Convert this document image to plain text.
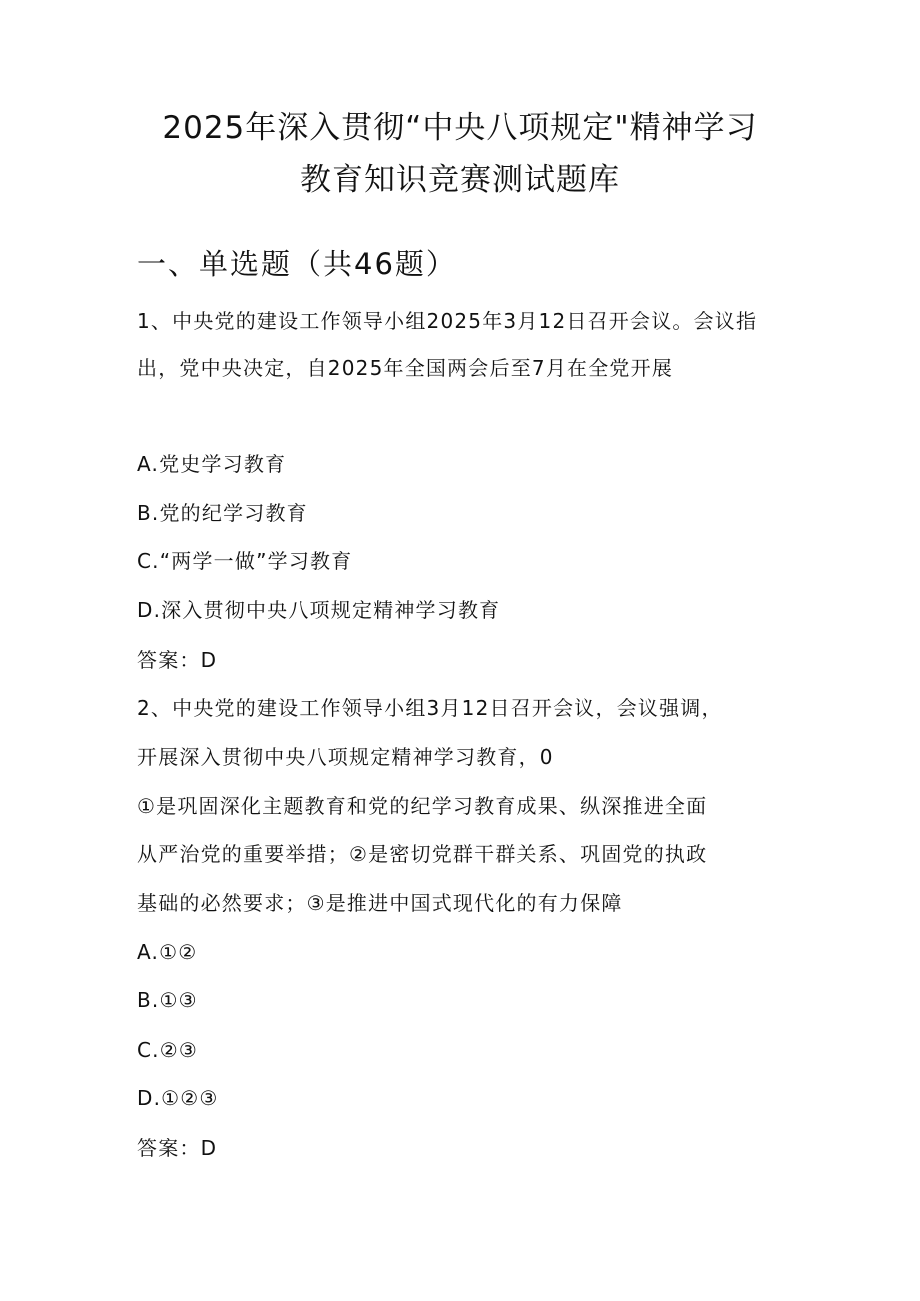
2025年深入贯彻“中央八项规定"精神学习
教育知识竞赛测试题库
一、单选题（共46题）
1、中央党的建设工作领导小组2025年3月12日召开会议。会议指
出，党中央决定，自2025年全国两会后至7月在全党开展
A.党史学习教育
B.党的纪学习教育
C.“两学一做”学习教育
D.深入贯彻中央八项规定精神学习教育
答案：D
2、中央党的建设工作领导小组3月12日召开会议，会议强调，
开展深入贯彻中央八项规定精神学习教育，0
①是巩固深化主题教育和党的纪学习教育成果、纵深推进全面
从严治党的重要举措；②是密切党群干群关系、巩固党的执政
基础的必然要求；③是推进中国式现代化的有力保障
A.①②
B.①③
C.②③
D.①②③
答案：D
